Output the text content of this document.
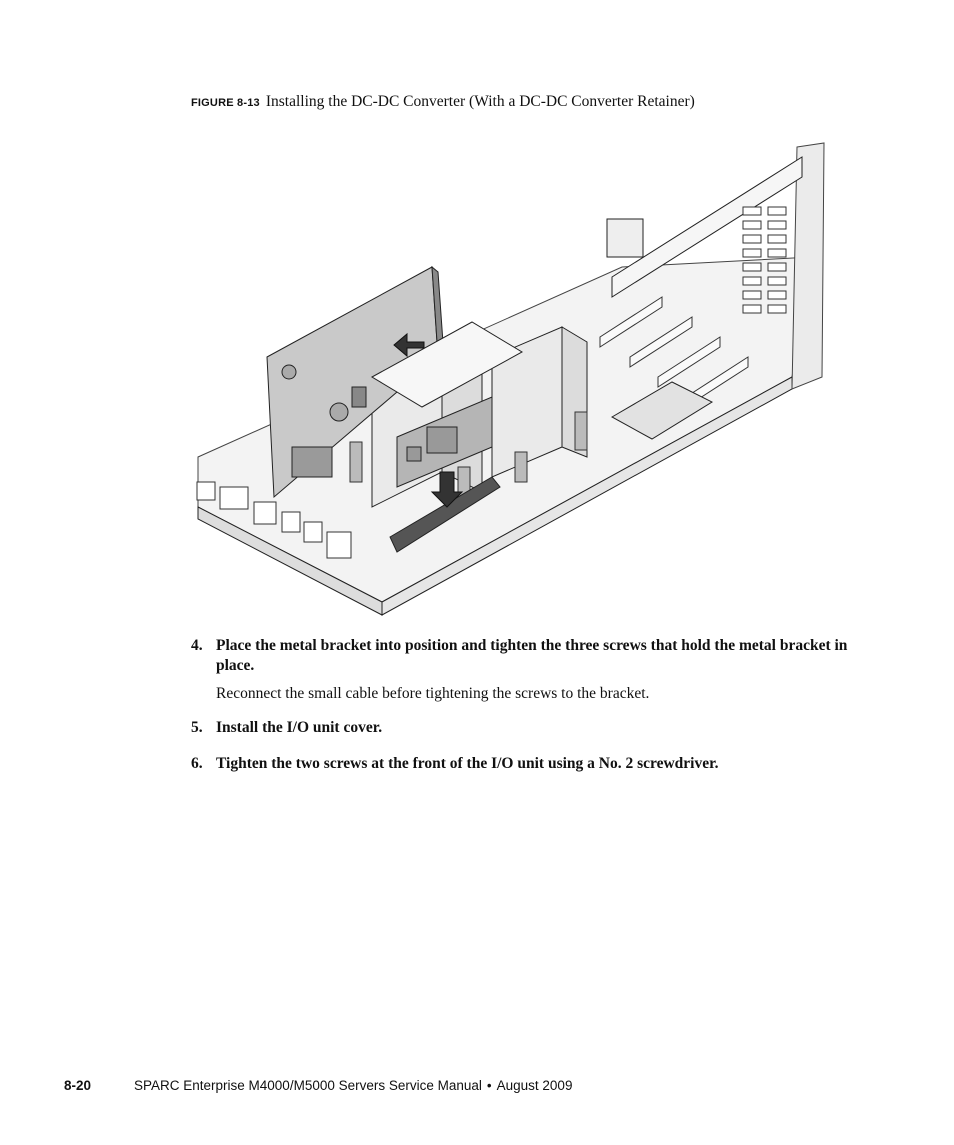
FIGURE 8-13 Installing the DC-DC Converter (With a DC-DC Converter Retainer)
4. Place the metal bracket into position and tighten the three screws that hold the metal bracket in place.
Reconnect the small cable before tightening the screws to the bracket.
5. Install the I/O unit cover.
6. Tighten the two screws at the front of the I/O unit using a No. 2 screwdriver.
8-20	SPARC Enterprise M4000/M5000 Servers Service Manual • August 2009
